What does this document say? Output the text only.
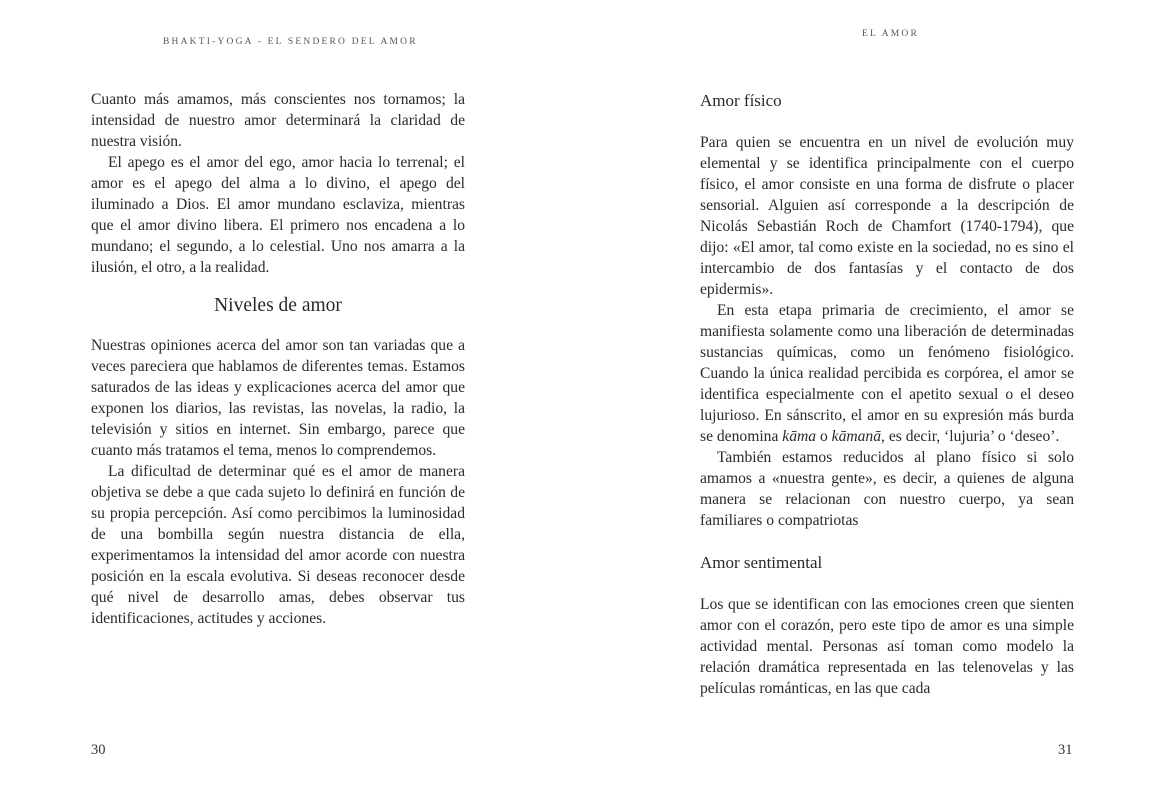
BHAKTI-YOGA - EL SENDERO DEL AMOR

Cuanto más amamos, más conscientes nos tornamos; la intensidad de nuestro amor determinará la claridad de nuestra visión.

El apego es el amor del ego, amor hacia lo terrenal; el amor es el apego del alma a lo divino, el apego del iluminado a Dios. El amor mundano esclaviza, mientras que el amor divino libera. El primero nos encadena a lo mundano; el segundo, a lo celestial. Uno nos amarra a la ilusión, el otro, a la realidad.

Niveles de amor

Nuestras opiniones acerca del amor son tan variadas que a veces pareciera que hablamos de diferentes temas. Estamos saturados de las ideas y explicaciones acerca del amor que exponen los diarios, las revistas, las novelas, la radio, la televisión y sitios en internet. Sin embargo, parece que cuanto más tratamos el tema, menos lo comprendemos.

La dificultad de determinar qué es el amor de manera objetiva se debe a que cada sujeto lo definirá en función de su propia percepción. Así como percibimos la luminosidad de una bombilla según nuestra distancia de ella, experimentamos la intensidad del amor acorde con nuestra posición en la escala evolutiva. Si deseas reconocer desde qué nivel de desarrollo amas, debes observar tus identificaciones, actitudes y acciones.

30
EL AMOR
Amor físico

Para quien se encuentra en un nivel de evolución muy elemental y se identifica principalmente con el cuerpo físico, el amor consiste en una forma de disfrute o placer sensorial. Alguien así corresponde a la descripción de Nicolás Sebastián Roch de Chamfort (1740-1794), que dijo: «El amor, tal como existe en la sociedad, no es sino el intercambio de dos fantasías y el contacto de dos epidermis».

En esta etapa primaria de crecimiento, el amor se manifiesta solamente como una liberación de determinadas sustancias químicas, como un fenómeno fisiológico. Cuando la única realidad percibida es corpórea, el amor se identifica especialmente con el apetito sexual o el deseo lujurioso. En sánscrito, el amor en su expresión más burda se denomina kāma o kāmanā, es decir, ‘lujuria’ o ‘deseo’.

También estamos reducidos al plano físico si solo amamos a «nuestra gente», es decir, a quienes de alguna manera se relacionan con nuestro cuerpo, ya sean familiares o compatriotas

Amor sentimental

Los que se identifican con las emociones creen que sienten amor con el corazón, pero este tipo de amor es una simple actividad mental. Personas así toman como modelo la relación dramática representada en las telenovelas y las películas románticas, en las que cada

31
